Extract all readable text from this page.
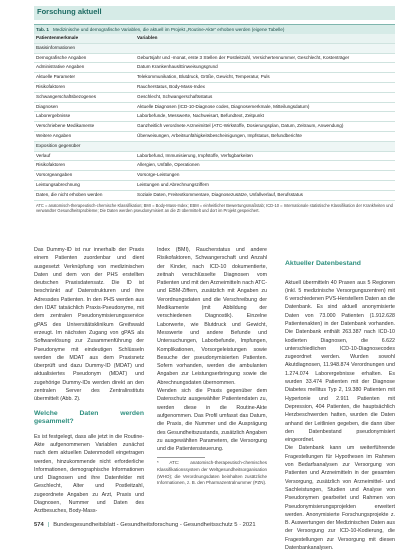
Forschung aktuell
Tab. 1 Medizinische und demografische Variablen, die aktuell im Projekt „Routine-Akte“ erhoben werden (eigene Tabelle)
Patientenmerkmale	Variablen
Basisinformationen
Demografische Angaben	Geburtsjahr und -monat, erste 3 Stellen der Postleitzahl, Versichertennummer, Geschlecht, Kostenträger
Administrative Angaben	Datum Krankenhaus/Einweisungsgrund
Aktuelle Parameter	Telekommunikation, Blutdruck, Größe, Gewicht, Temperatur, Puls
Risikofaktoren	Raucherstatus, Body-Mass-Index
Schwangerschaftsbezogenes	Geschlecht, Schwangerschaftsstatus
Diagnosen	Aktuelle Diagnosen (ICD-10-Diagnose codes, Diagnosemerkmale, Mitteilungsdatum)
Laborergebnisse	Laborbefunde, Messwerte, Nachweisart, Befundtext, Zeitpunkt
Verschriebene Medikamente	Ganzheitlich verordnete Arzneimittel (ATC-Wirkstoffe, Dosierungsplan, Datum, Zeitraum, Anwendung)
Weitere Angaben	Überweisungen, Arbeitsunfähigkeitsbescheinigungen, Impfstatus, Befundberichte
Exposition gegenüber
Verlauf	Laborbefund, Immunisierung, Impfstoffe, Verfügbarkeiten
Risikofaktoren	Allergien, Unfälle, Operationen
Vorsorgeangaben	Vorsorge-Leistungen
Leistungsabrechnung	Leistungen und Abrechnungsziffern
Daten, die nicht erhoben werden	Soziale Daten, Freitextkommentare, Diagnosezusätze, Unfallverlauf, Berufsstatus
ATC = anatomisch-therapeutisch-chemische Klassifikation; BMI = Body-Mass-Index; EBM = einheitlicher Bewertungsmaßstab; ICD-10 = Internationale statistische Klassifikation der Krankheiten und verwandter Gesundheitsprobleme; Die Daten werden pseudonymisiert an die ZI übermittelt und dort im Projekt gespeichert.

Das Dummy-ID ist nur innerhalb der Praxis einem Patienten zuordenbar und dient ausgesetzt Verknüpfung von medizinischen Daten und dem von der PHS erstellten deutschen Praxisdatensatz. Die ID ist beschränkt auf Datenstrukturen und ihre Adressdes Patienten. In den PHS werden aus den IDAT tatsächlich Praxis-Pseudonyme, mit dem zentralen Pseudonymisierungsservice gPAS des Universitätsklinikum Greifswald erzeugt. Im nächsten Zugang von gPAS als Softwarelösung zur Zusammenführung der Pseudonyme mit eindeutigen Schlüsseln werden die MDAT aus dem Praxisnetz überprüft und dazu Dummy-ID (MDAT) und aktualisiertes Pseudonym (MDAT) und zugehörige Dummy-IDs werden direkt an den zentralen Server des Zentralinstituts übermittelt (Abb. 2).

Welche Daten werden gesammelt?

Es ist festgelegt, dass alle jetzt in die Routine-Akte aufgenommenen Variablen zunächst nach dem aktuellen Datenmodell eingetragen werden, hinzukommende nicht erforderliche Informationen, demographische Informationen und Diagnosen und ihre Datenfelder mit Geschlecht, Alter und Postleitzahl, zugeordnete Angaben zu Arzt, Praxis und Diagnosen, Nummer und Daten des Arztbesuches, Body-Mass-

Index (BMI), Raucherstatus und andere Risikofaktoren, Schwangerschaft und Anzahl der Kinder, nach ICD-10 dokumentierte, zeitnah verschlüsselte Diagnosen vom Patienten und mit den Arzneimitteln nach ATC- und EBM-Ziffern, zusätzlich mit Angaben zu Verordnungsdaten und die Verschreibung der Medikamente (mit Abbildung der verschiedenen Diagnostik). Einzelne Laborwerte, wie Blutdruck und Gewicht, Messwerte und andere Befunde und Untersuchungen, Laborbefunde, Impfungen, Komplikationen, Vorsorgeleistungen sowie Besuche der pseudonymisierten Patienten. Sofern vorhanden, werden die ambulanten Angaben zur Leistungserbringung sowie die Abrechnungsdaten übernommen.

Wenden sich die Praxis gegenüber dem Datenschutz ausgewählter Patientendaten zu, werden diese in die Routine-Akte aufgenommen. Das Profil umfasst das Datum, die Praxis, die Nummer und die Ausprägung des Gesundheitszustands, zusätzlich Angaben zu ausgewählten Parametern, die Versorgung und die Patientensteuerung.

* ATC: anatomisch-therapeutisch-chemisches Klassifikationssystem der Weltgesundheitsorganisation (WHO); die Verordnungsdaten beinhalten zusätzliche Informationen, z. B. den Pharmazentralnummer (PZN).
Aktueller Datenbestand

Aktuell übermitteln 40 Praxen aus 5 Regionen (inkl. 5 medizinische Versorgungszentren) mit 6 verschiedenen PVS-Herstellern Daten an die Datenbank. Es sind aktuell anonymisierte Daten von 73.000 Patienten (1.912.628 Patientenakten) in der Datenbank vorhanden. Die Datenbank enthält 263.387 nach ICD-10 kodierten Diagnosen, die 6.622 unterschiedlichen ICD-10-Diagnosecodes zugeordnet werden. Wurden sowohl Akutdiagnosen, 11.948.874 Verordnungen und 1.274.074 Laborergebnisse erhalten. Es wurden 33.474 Patienten mit der Diagnose Diabetes mellitus Typ 2, 19.380 Patienten mit Hypertonie und 2.911 Patienten mit Depression, 404 Patienten, die hauptsächlich Herzbeschwerden hatten, wurden die Daten anhand der Leitlinien gegeben, die dann über den Datenbestand pseudonymisiert eingeordnet.

Die Datenbank kann um weiterführende Fragestellungen für Hypothesen im Rahmen von Bedarfsanalysen zur Versorgung von Patienten und Arzneimitteln in der gesamten Versorgung, zusätzlich von Arzneimittel- und Sachleistungen, Studien und Analyse von Pseudonymen gearbeitet und Rahmen von Pseudonymisierungsprojekten erweitert werden. Anonymisierte Forschungsprojekte z. B. Auswertungen der Medizinischen Daten aus der Versorgung zur ICD-10-Kodierung, die Fragestellungen zur Versorgung mit diesen Datenbankanalysen.

574 | Bundesgesundheitsblatt - Gesundheitsforschung - Gesundheitsschutz 5 · 2021
